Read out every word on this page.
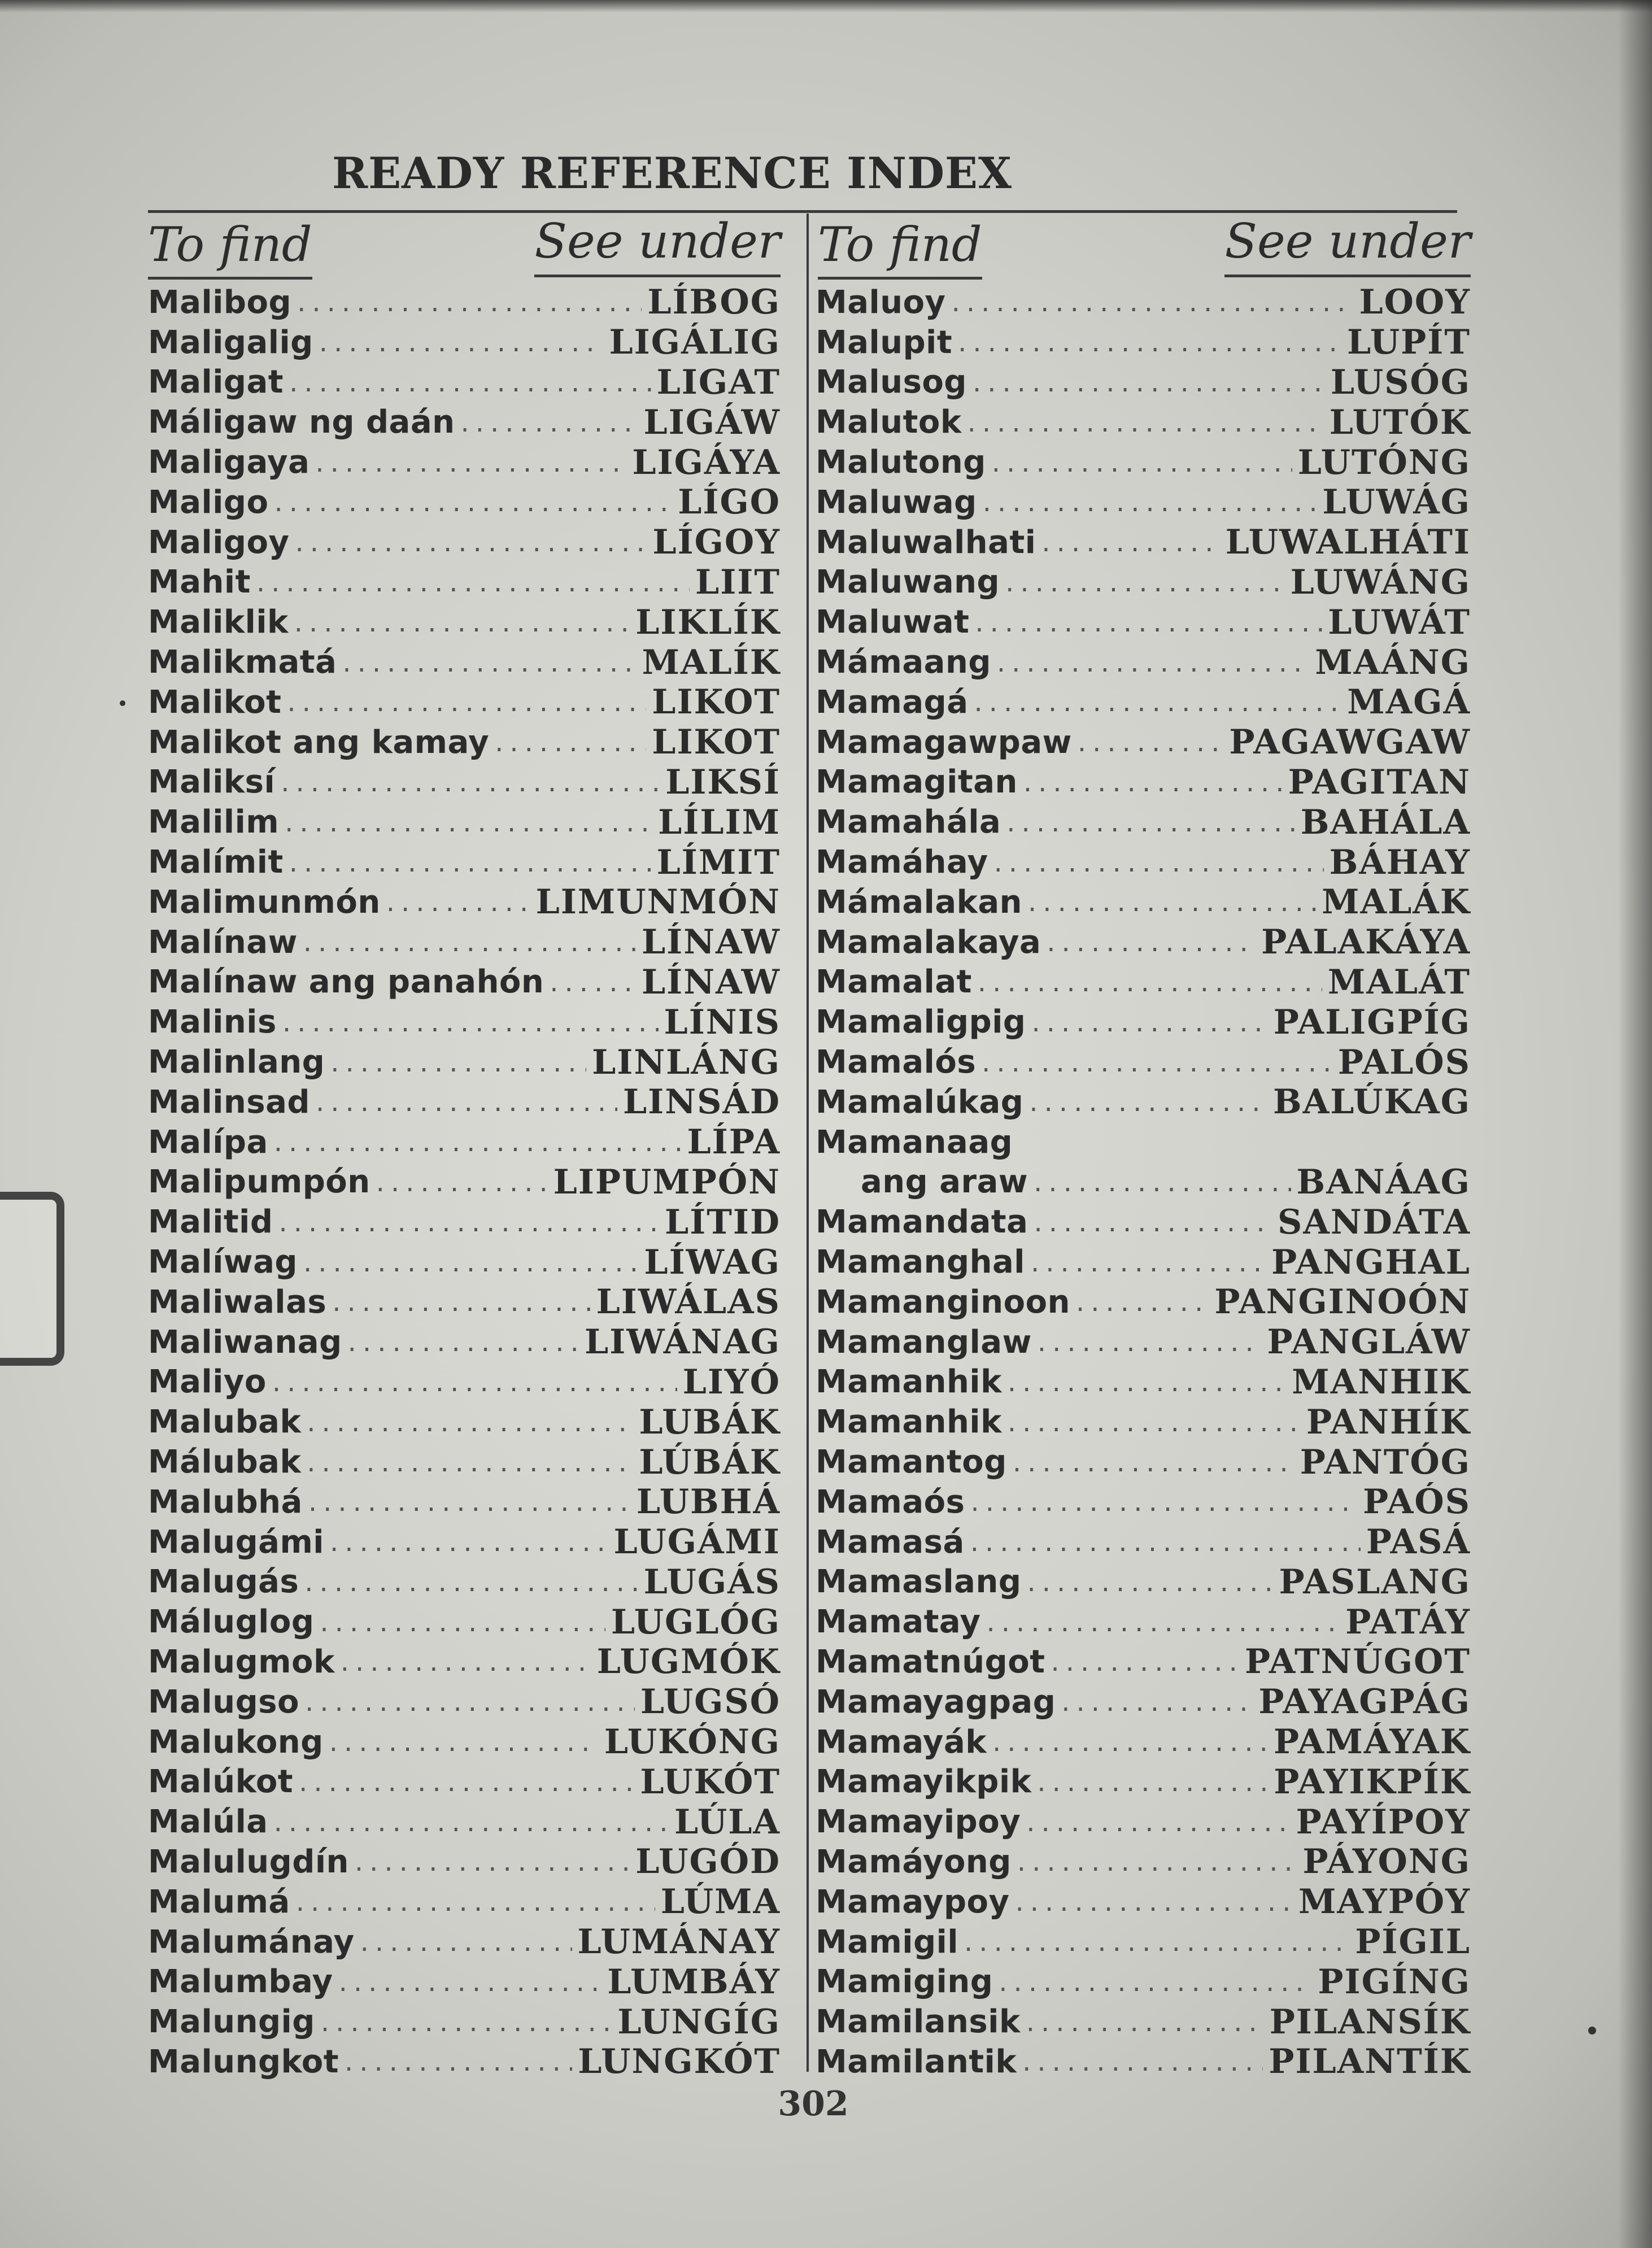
READY REFERENCE INDEX
To find	See under
Malibog .....	LÍBOG
Maligalig .....	LIGÁLIG
Maligat .....	LIGAT
Máligaw ng daán .....	LIGÁW
Maligaya .....	LIGÁYA
Maligo .....	LÍGO
Maligoy .....	LÍGOY
Mahit .....	LIIT
Maliklik .....	LIKLÍK
Malikmatá .....	MALÍK
Malikot .....	LIKOT
Malikot ang kamay .....	LIKOT
Maliksí .....	LIKSÍ
Malilim .....	LÍLIM
Malímit .....	LÍMIT
Malimunmón .....	LIMUNMÓN
Malínaw .....	LÍNAW
Malínaw ang panahón .....	LÍNAW
Malinis .....	LÍNIS
Malinlang .....	LINLÁNG
Malinsad .....	LINSÁD
Malípa .....	LÍPA
Malipumpón .....	LIPUMPÓN
Malitid .....	LÍTID
Malíwag .....	LÍWAG
Maliwalas .....	LIWÁLAS
Maliwanag .....	LIWÁNAG
Maliyo .....	LIYÓ
Malubak .....	LUBÁK
Málubak .....	LÚBÁK
Malubhá .....	LUBHÁ
Malugámi .....	LUGÁMI
Malugás .....	LUGÁS
Máluglog .....	LUGLÓG
Malugmok .....	LUGMÓK
Malugso .....	LUGSÓ
Malukong .....	LUKÓNG
Malúkot .....	LUKÓT
Malúla .....	LÚLA
Malulugdín .....	LUGÓD
Malumá .....	LÚMA
Malumánay .....	LUMÁNAY
Malumbay .....	LUMBÁY
Malungig .....	LUNGÍG
Malungkot .....	LUNGKÓT
To find	See under
Maluoy .....	LOOY
Malupit .....	LUPÍT
Malusog .....	LUSÓG
Malutok .....	LUTÓK
Malutong .....	LUTÓNG
Maluwag .....	LUWÁG
Maluwalhati .....	LUWALHÁTI
Maluwang .....	LUWÁNG
Maluwat .....	LUWÁT
Mámaang .....	MAÁNG
Mamagá .....	MAGÁ
Mamagawpaw .....	PAGAWGAW
Mamagitan .....	PAGITAN
Mamahála .....	BAHÁLA
Mamáhay .....	BÁHAY
Mámalakan .....	MALÁK
Mamalakaya .....	PALAKÁYA
Mamalat .....	MALÁT
Mamaligpig .....	PALIGPÍG
Mamalós .....	PALÓS
Mamalúkag .....	BALÚKAG
Mamanaag
ang araw .....	BANÁAG
Mamandata .....	SANDÁTA
Mamanghal .....	PANGHAL
Mamanginoon .....	PANGINOÓN
Mamanglaw .....	PANGLÁW
Mamanhik .....	MANHIK
Mamanhik .....	PANHÍK
Mamantog .....	PANTÓG
Mamaós .....	PAÓS
Mamasá .....	PASÁ
Mamaslang .....	PASLANG
Mamatay .....	PATÁY
Mamatnúgot .....	PATNÚGOT
Mamayagpag .....	PAYAGPÁG
Mamayák .....	PAMÁYAK
Mamayikpik .....	PAYIKPÍK
Mamayipoy .....	PAYÍPOY
Mamáyong .....	PÁYONG
Mamaypoy .....	MAYPÓY
Mamigil .....	PÍGIL
Mamiging .....	PIGÍNG
Mamilansik .....	PILANSÍK
Mamilantik .....	PILANTÍK
302
